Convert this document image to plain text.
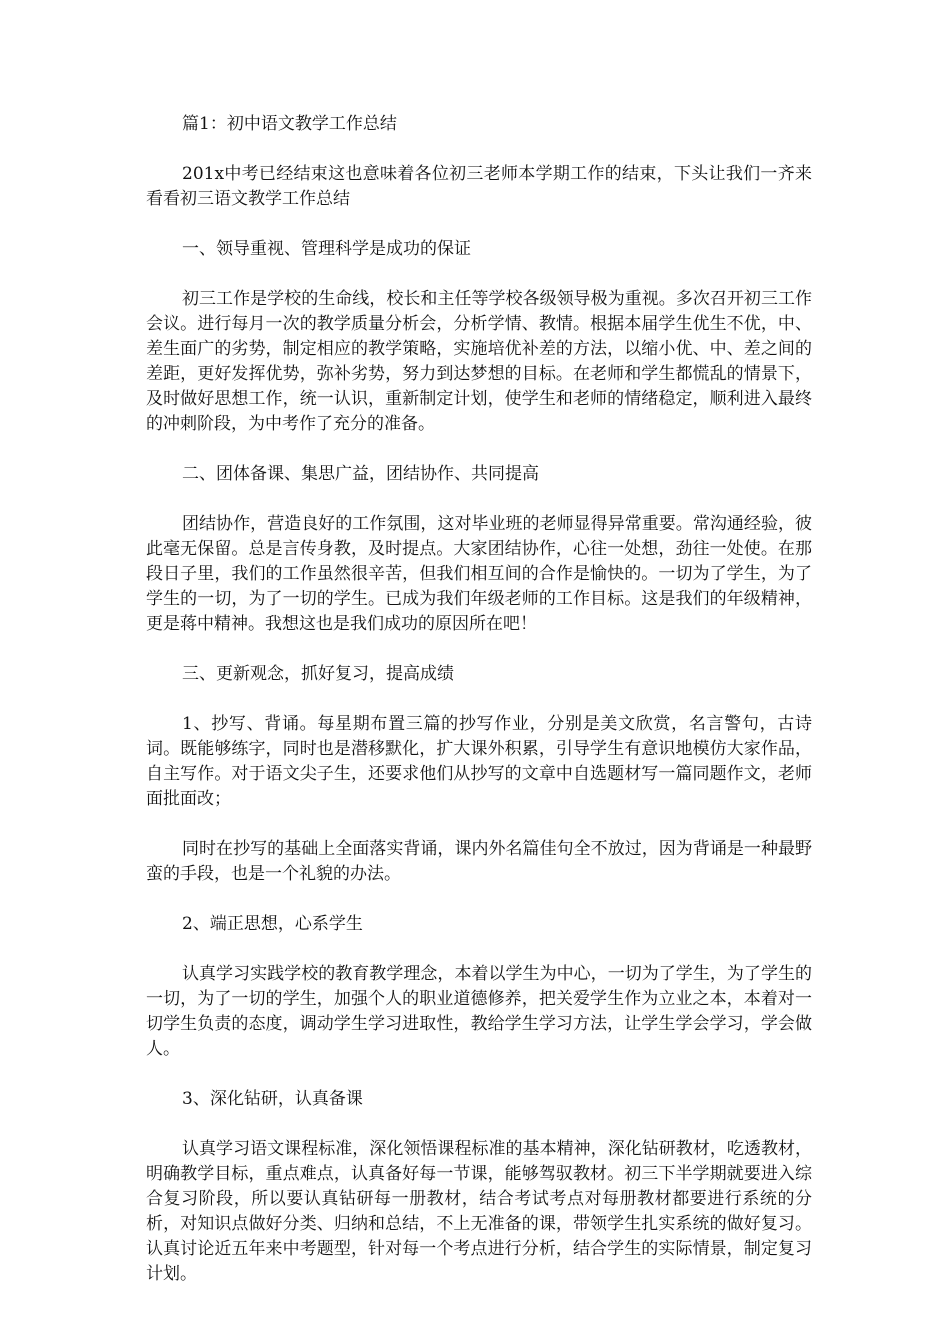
篇1：初中语文教学工作总结

201x中考已经结束这也意味着各位初三老师本学期工作的结束，下头让我们一齐来看看初三语文教学工作总结

一、领导重视、管理科学是成功的保证

初三工作是学校的生命线，校长和主任等学校各级领导极为重视。多次召开初三工作会议。进行每月一次的教学质量分析会，分析学情、教情。根据本届学生优生不优，中、差生面广的劣势，制定相应的教学策略，实施培优补差的方法，以缩小优、中、差之间的差距，更好发挥优势，弥补劣势，努力到达梦想的目标。在老师和学生都慌乱的情景下，及时做好思想工作，统一认识，重新制定计划，使学生和老师的情绪稳定，顺利进入最终的冲刺阶段，为中考作了充分的准备。

二、团体备课、集思广益，团结协作、共同提高

团结协作，营造良好的工作氛围，这对毕业班的老师显得异常重要。常沟通经验，彼此毫无保留。总是言传身教，及时提点。大家团结协作，心往一处想，劲往一处使。在那段日子里，我们的工作虽然很辛苦，但我们相互间的合作是愉快的。一切为了学生，为了学生的一切，为了一切的学生。已成为我们年级老师的工作目标。这是我们的年级精神，更是蒋中精神。我想这也是我们成功的原因所在吧！

三、更新观念，抓好复习，提高成绩

1、抄写、背诵。每星期布置三篇的抄写作业，分别是美文欣赏，名言警句，古诗词。既能够练字，同时也是潜移默化，扩大课外积累，引导学生有意识地模仿大家作品，自主写作。对于语文尖子生，还要求他们从抄写的文章中自选题材写一篇同题作文，老师面批面改；

同时在抄写的基础上全面落实背诵，课内外名篇佳句全不放过，因为背诵是一种最野蛮的手段，也是一个礼貌的办法。

2、端正思想，心系学生

认真学习实践学校的教育教学理念，本着以学生为中心，一切为了学生，为了学生的一切，为了一切的学生，加强个人的职业道德修养，把关爱学生作为立业之本，本着对一切学生负责的态度，调动学生学习进取性，教给学生学习方法，让学生学会学习，学会做人。

3、深化钻研，认真备课

认真学习语文课程标准，深化领悟课程标准的基本精神，深化钻研教材，吃透教材，明确教学目标，重点难点，认真备好每一节课，能够驾驭教材。初三下半学期就要进入综合复习阶段，所以要认真钻研每一册教材，结合考试考点对每册教材都要进行系统的分析，对知识点做好分类、归纳和总结，不上无准备的课，带领学生扎实系统的做好复习。认真讨论近五年来中考题型，针对每一个考点进行分析，结合学生的实际情景，制定复习计划。
